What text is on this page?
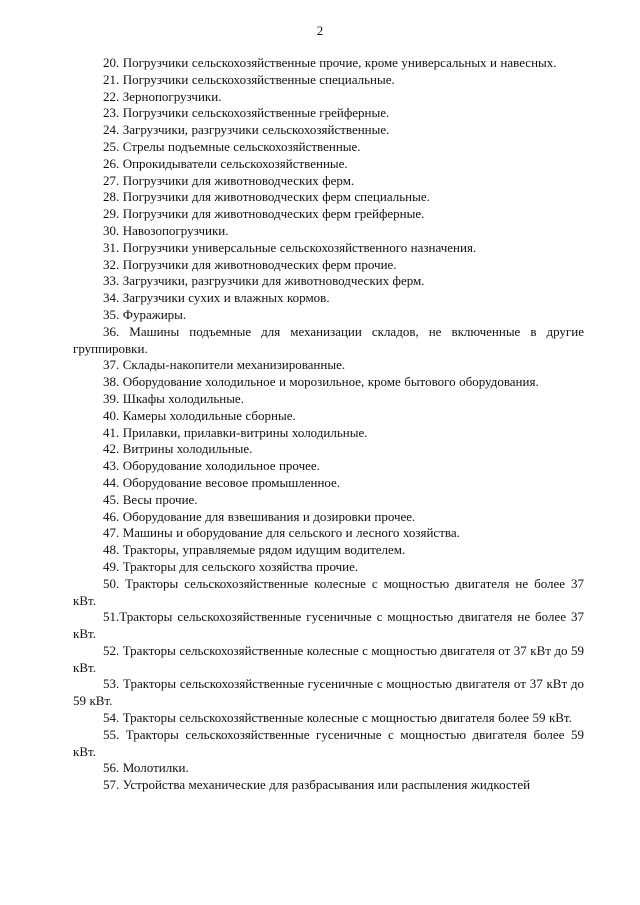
2

20. Погрузчики сельскохозяйственные прочие, кроме универсальных и навесных.

21. Погрузчики сельскохозяйственные специальные.

22. Зернопогрузчики.

23. Погрузчики сельскохозяйственные грейферные.

24. Загрузчики, разгрузчики сельскохозяйственные.

25. Стрелы подъемные сельскохозяйственные.

26. Опрокидыватели сельскохозяйственные.

27. Погрузчики для животноводческих ферм.

28. Погрузчики для животноводческих ферм специальные.

29. Погрузчики для животноводческих ферм грейферные.

30. Навозопогрузчики.

31. Погрузчики универсальные сельскохозяйственного назначения.

32. Погрузчики для животноводческих ферм прочие.

33. Загрузчики, разгрузчики для животноводческих ферм.

34. Загрузчики сухих и влажных кормов.

35. Фуражиры.

36. Машины подъемные для механизации складов, не включенные в другие группировки.

37. Склады-накопители механизированные.

38. Оборудование холодильное и морозильное, кроме бытового оборудования.

39. Шкафы холодильные.

40. Камеры холодильные сборные.

41. Прилавки, прилавки-витрины холодильные.

42. Витрины холодильные.

43. Оборудование холодильное прочее.

44. Оборудование весовое промышленное.

45. Весы прочие.

46. Оборудование для взвешивания и дозировки прочее.

47. Машины и оборудование для сельского и лесного хозяйства.

48. Тракторы, управляемые рядом идущим водителем.

49. Тракторы для сельского хозяйства прочие.

50. Тракторы сельскохозяйственные колесные с мощностью двигателя не более 37 кВт.

51.Тракторы сельскохозяйственные гусеничные с мощностью двигателя не более 37 кВт.

52. Тракторы сельскохозяйственные колесные с мощностью двигателя от 37 кВт до 59 кВт.

53. Тракторы сельскохозяйственные гусеничные с мощностью двигателя от 37 кВт до 59 кВт.

54. Тракторы сельскохозяйственные колесные с мощностью двигателя более 59 кВт.

55. Тракторы сельскохозяйственные гусеничные с мощностью двигателя более 59 кВт.

56. Молотилки.

57. Устройства механические для разбрасывания или распыления жидкостей
